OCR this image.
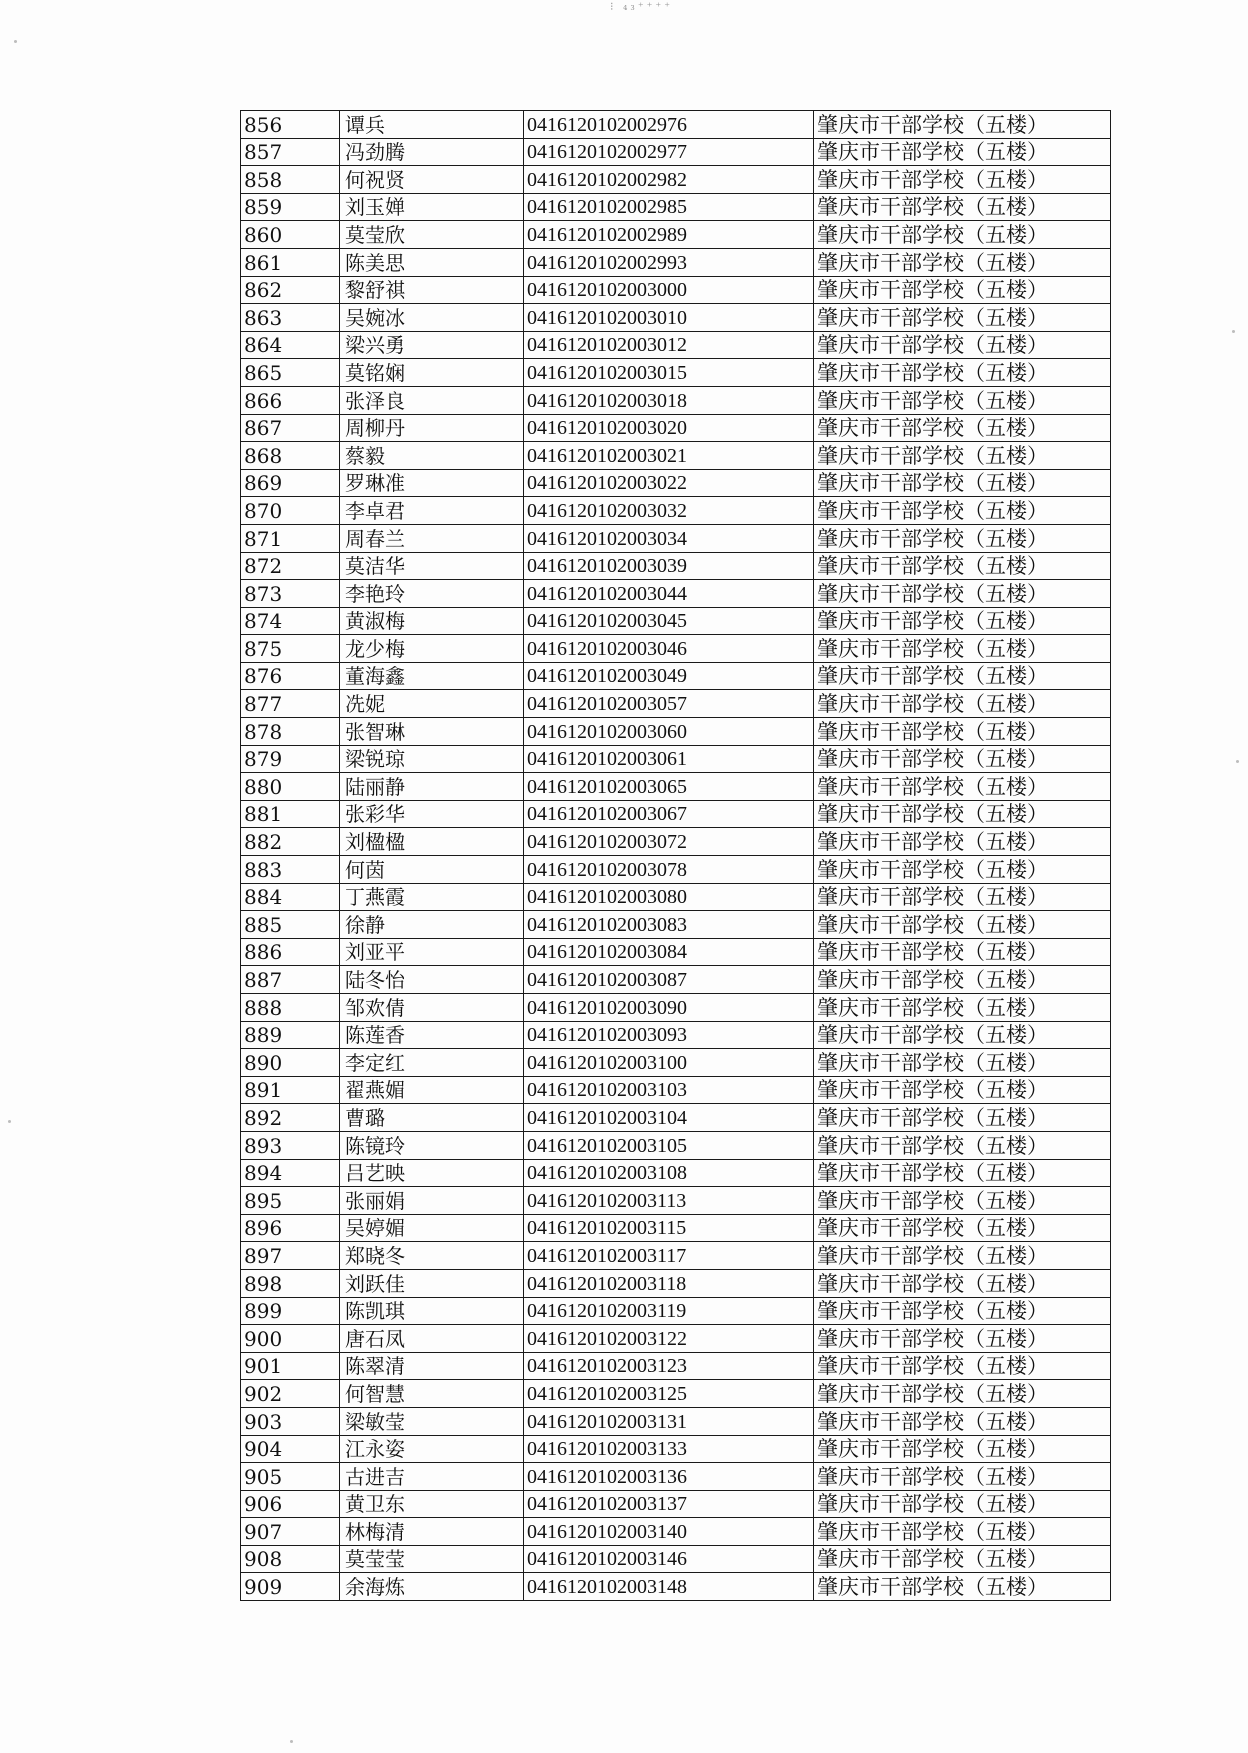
⁝ ₄₃⁺⁺⁺⁺
856	谭兵	0416120102002976	肇庆市干部学校（五楼）
857	冯劲腾	0416120102002977	肇庆市干部学校（五楼）
858	何祝贤	0416120102002982	肇庆市干部学校（五楼）
859	刘玉婵	0416120102002985	肇庆市干部学校（五楼）
860	莫莹欣	0416120102002989	肇庆市干部学校（五楼）
861	陈美思	0416120102002993	肇庆市干部学校（五楼）
862	黎舒祺	0416120102003000	肇庆市干部学校（五楼）
863	吴婉冰	0416120102003010	肇庆市干部学校（五楼）
864	梁兴勇	0416120102003012	肇庆市干部学校（五楼）
865	莫铭娴	0416120102003015	肇庆市干部学校（五楼）
866	张泽良	0416120102003018	肇庆市干部学校（五楼）
867	周柳丹	0416120102003020	肇庆市干部学校（五楼）
868	蔡毅	0416120102003021	肇庆市干部学校（五楼）
869	罗琳准	0416120102003022	肇庆市干部学校（五楼）
870	李卓君	0416120102003032	肇庆市干部学校（五楼）
871	周春兰	0416120102003034	肇庆市干部学校（五楼）
872	莫洁华	0416120102003039	肇庆市干部学校（五楼）
873	李艳玲	0416120102003044	肇庆市干部学校（五楼）
874	黄淑梅	0416120102003045	肇庆市干部学校（五楼）
875	龙少梅	0416120102003046	肇庆市干部学校（五楼）
876	董海鑫	0416120102003049	肇庆市干部学校（五楼）
877	冼妮	0416120102003057	肇庆市干部学校（五楼）
878	张智琳	0416120102003060	肇庆市干部学校（五楼）
879	梁锐琼	0416120102003061	肇庆市干部学校（五楼）
880	陆丽静	0416120102003065	肇庆市干部学校（五楼）
881	张彩华	0416120102003067	肇庆市干部学校（五楼）
882	刘楹楹	0416120102003072	肇庆市干部学校（五楼）
883	何茵	0416120102003078	肇庆市干部学校（五楼）
884	丁燕霞	0416120102003080	肇庆市干部学校（五楼）
885	徐静	0416120102003083	肇庆市干部学校（五楼）
886	刘亚平	0416120102003084	肇庆市干部学校（五楼）
887	陆冬怡	0416120102003087	肇庆市干部学校（五楼）
888	邹欢倩	0416120102003090	肇庆市干部学校（五楼）
889	陈莲香	0416120102003093	肇庆市干部学校（五楼）
890	李定红	0416120102003100	肇庆市干部学校（五楼）
891	翟燕媚	0416120102003103	肇庆市干部学校（五楼）
892	曹璐	0416120102003104	肇庆市干部学校（五楼）
893	陈镜玲	0416120102003105	肇庆市干部学校（五楼）
894	吕艺映	0416120102003108	肇庆市干部学校（五楼）
895	张丽娟	0416120102003113	肇庆市干部学校（五楼）
896	吴婷媚	0416120102003115	肇庆市干部学校（五楼）
897	郑晓冬	0416120102003117	肇庆市干部学校（五楼）
898	刘跃佳	0416120102003118	肇庆市干部学校（五楼）
899	陈凯琪	0416120102003119	肇庆市干部学校（五楼）
900	唐石凤	0416120102003122	肇庆市干部学校（五楼）
901	陈翠清	0416120102003123	肇庆市干部学校（五楼）
902	何智慧	0416120102003125	肇庆市干部学校（五楼）
903	梁敏莹	0416120102003131	肇庆市干部学校（五楼）
904	江永姿	0416120102003133	肇庆市干部学校（五楼）
905	古进吉	0416120102003136	肇庆市干部学校（五楼）
906	黄卫东	0416120102003137	肇庆市干部学校（五楼）
907	林梅清	0416120102003140	肇庆市干部学校（五楼）
908	莫莹莹	0416120102003146	肇庆市干部学校（五楼）
909	余海炼	0416120102003148	肇庆市干部学校（五楼）
